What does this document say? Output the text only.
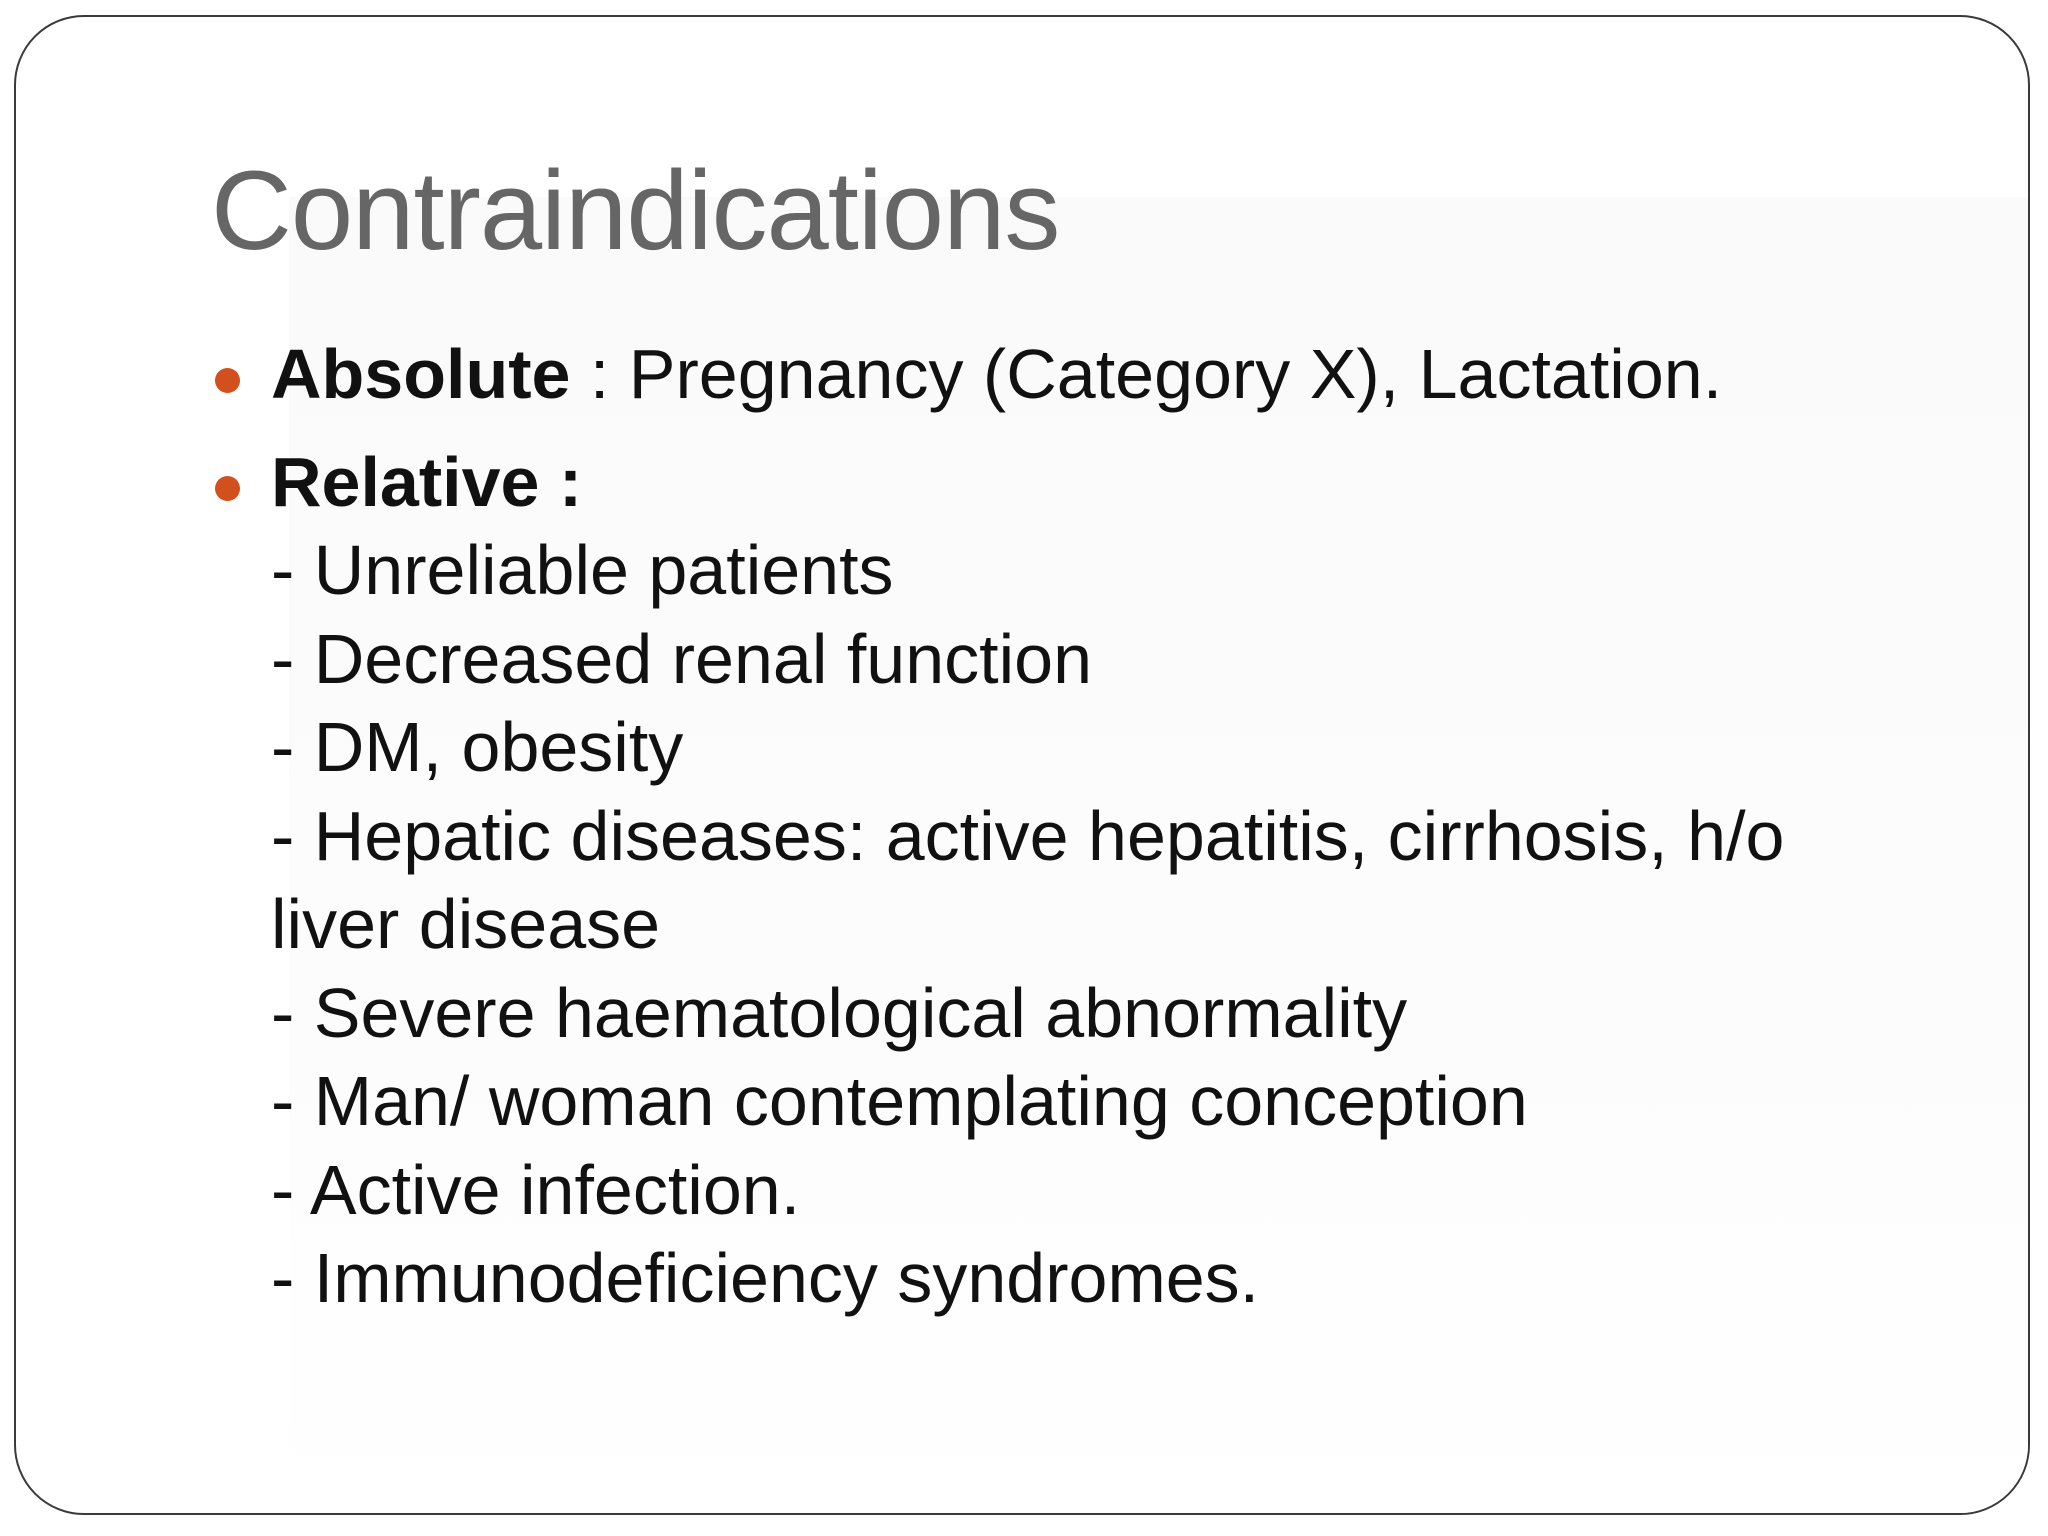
Contraindications
Absolute : Pregnancy (Category X), Lactation.
Relative :
- Unreliable patients
- Decreased renal function
- DM, obesity
- Hepatic diseases: active hepatitis, cirrhosis, h/o
liver disease
- Severe haematological abnormality
- Man/ woman contemplating conception
- Active infection.
- Immunodeficiency syndromes.
